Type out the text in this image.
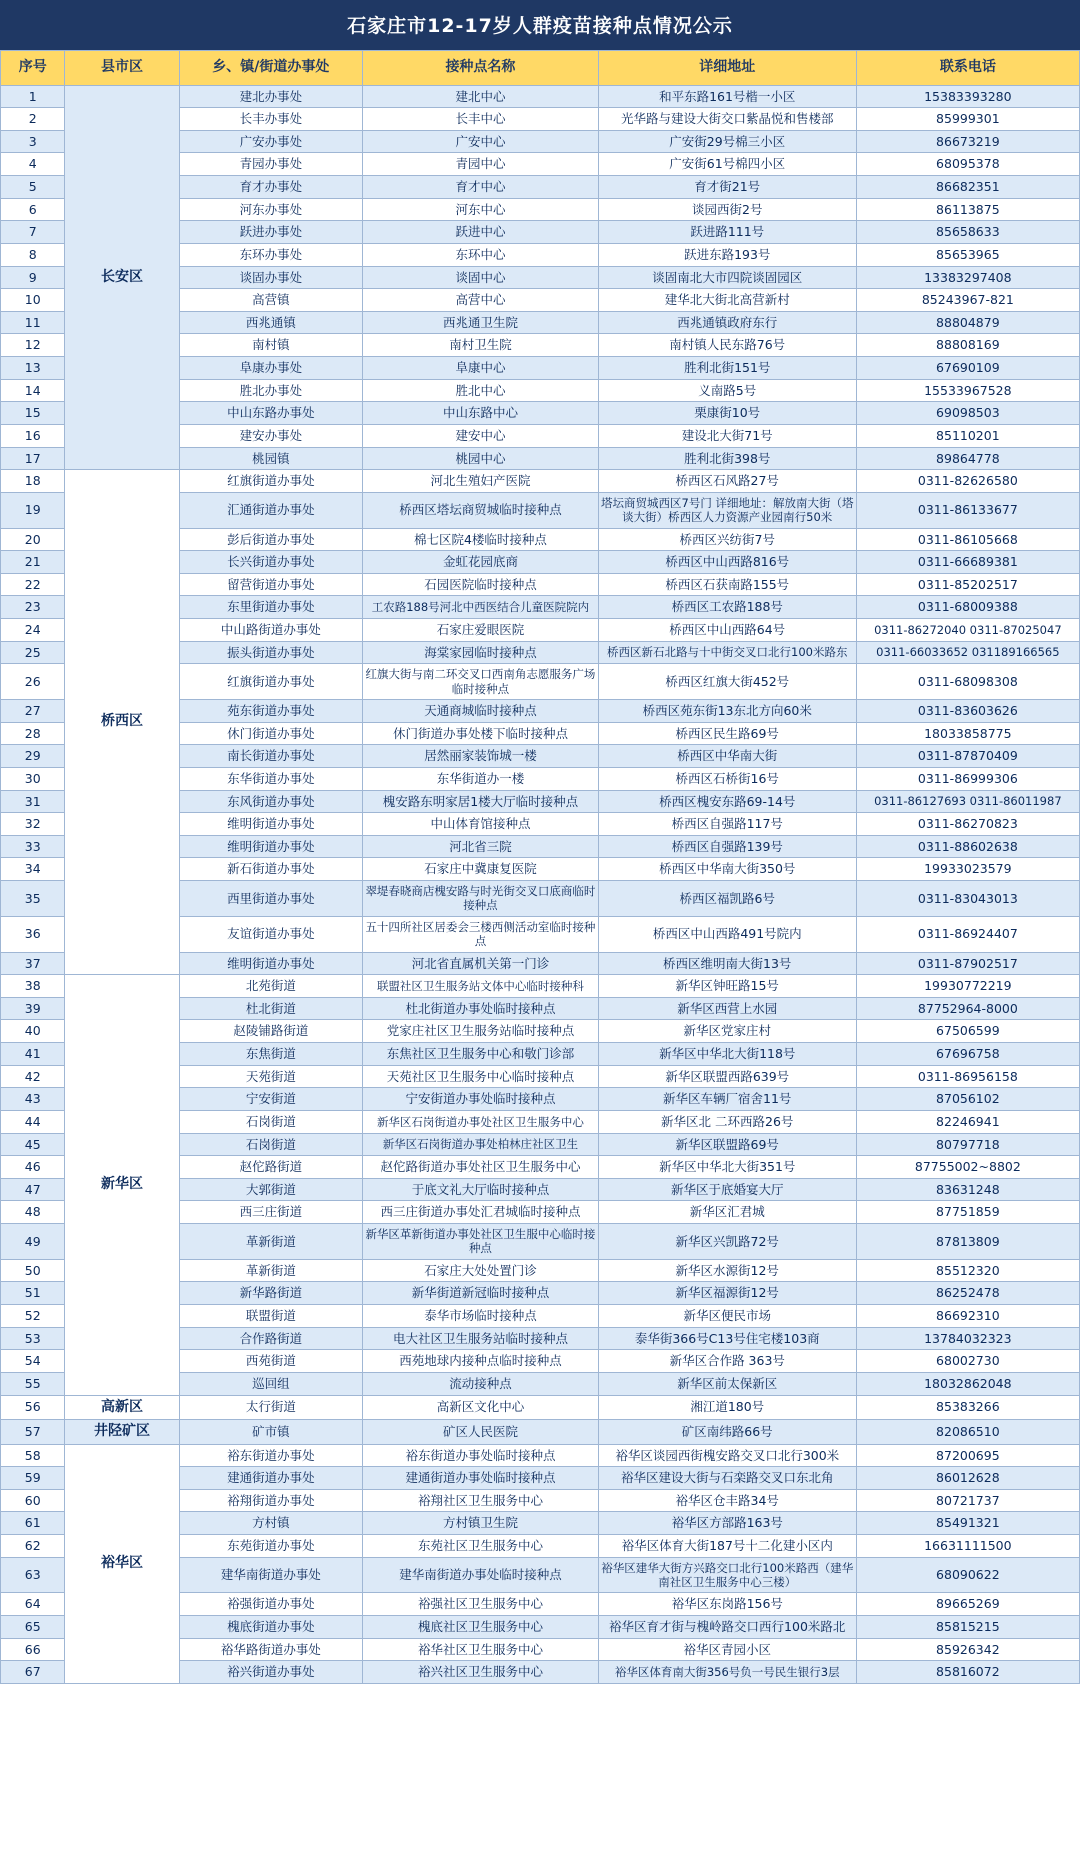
石家庄市12-17岁人群疫苗接种点情况公示
序号	县市区	乡、镇/街道办事处	接种点名称	详细地址	联系电话
1	长安区	建北办事处	建北中心	和平东路161号楷一小区	15383393280
2		长丰办事处	长丰中心	光华路与建设大街交口紫晶悦和售楼部	85999301
3		广安办事处	广安中心	广安街29号棉三小区	86673219
4		青园办事处	青园中心	广安街61号棉四小区	68095378
5		育才办事处	育才中心	育才街21号	86682351
6		河东办事处	河东中心	谈园西街2号	86113875
7		跃进办事处	跃进中心	跃进路111号	85658633
8		东环办事处	东环中心	跃进东路193号	85653965
9		谈固办事处	谈固中心	谈固南北大市四院谈固园区	13383297408
10		高营镇	高营中心	建华北大街北高营新村	85243967-821
11		西兆通镇	西兆通卫生院	西兆通镇政府东行	88804879
12		南村镇	南村卫生院	南村镇人民东路76号	88808169
13		阜康办事处	阜康中心	胜利北街151号	67690109
14		胜北办事处	胜北中心	义南路5号	15533967528
15		中山东路办事处	中山东路中心	栗康街10号	69098503
16		建安办事处	建安中心	建设北大街71号	85110201
17		桃园镇	桃园中心	胜利北街398号	89864778
18	桥西区	红旗街道办事处	河北生殖妇产医院	桥西区石风路27号	0311-82626580
19		汇通街道办事处	桥西区塔坛商贸城临时接种点	塔坛商贸城西区7号门 详细地址：解放南大街（塔谈大街）桥西区人力资源产业园南行50米	0311-86133677
20		彭后街道办事处	棉七区院4楼临时接种点	桥西区兴纺街7号	0311-86105668
21		长兴街道办事处	金虹花园底商	桥西区中山西路816号	0311-66689381
22		留营街道办事处	石园医院临时接种点	桥西区石获南路155号	0311-85202517
23		东里街道办事处	工农路188号河北中西医结合儿童医院院内	桥西区工农路188号	0311-68009388
24		中山路街道办事处	石家庄爱眼医院	桥西区中山西路64号	0311-86272040 0311-87025047
25		振头街道办事处	海棠家园临时接种点	桥西区新石北路与十中街交叉口北行100米路东	0311-66033652 031189166565
26		红旗街道办事处	红旗大街与南二环交叉口西南角志愿服务广场临时接种点	桥西区红旗大街452号	0311-68098308
27		苑东街道办事处	天通商城临时接种点	桥西区苑东街13东北方向60米	0311-83603626
28		休门街道办事处	休门街道办事处楼下临时接种点	桥西区民生路69号	18033858775
29		南长街道办事处	居然丽家装饰城一楼	桥西区中华南大街	0311-87870409
30		东华街道办事处	东华街道办一楼	桥西区石桥街16号	0311-86999306
31		东风街道办事处	槐安路东明家居1楼大厅临时接种点	桥西区槐安东路69-14号	0311-86127693 0311-86011987
32		维明街道办事处	中山体育馆接种点	桥西区自强路117号	0311-86270823
33		维明街道办事处	河北省三院	桥西区自强路139号	0311-88602638
34		新石街道办事处	石家庄中冀康复医院	桥西区中华南大街350号	19933023579
35		西里街道办事处	翠堤春晓商店槐安路与时光街交叉口底商临时接种点	桥西区福凯路6号	0311-83043013
36		友谊街道办事处	五十四所社区居委会三楼西侧活动室临时接种点	桥西区中山西路491号院内	0311-86924407
37		维明街道办事处	河北省直属机关第一门诊	桥西区维明南大街13号	0311-87902517
38	新华区	北苑街道	联盟社区卫生服务站文体中心临时接种科	新华区钟旺路15号	19930772219
39		杜北街道	杜北街道办事处临时接种点	新华区西营上水园	87752964-8000
40		赵陵铺路街道	党家庄社区卫生服务站临时接种点	新华区党家庄村	67506599
41		东焦街道	东焦社区卫生服务中心和敬门诊部	新华区中华北大街118号	67696758
42		天苑街道	天苑社区卫生服务中心临时接种点	新华区联盟西路639号	0311-86956158
43		宁安街道	宁安街道办事处临时接种点	新华区车辆厂宿舍11号	87056102
44		石岗街道	新华区石岗街道办事处社区卫生服务中心	新华区北 二环西路26号	82246941
45		石岗街道	新华区石岗街道办事处柏林庄社区卫生	新华区联盟路69号	80797718
46		赵佗路街道	赵佗路街道办事处社区卫生服务中心	新华区中华北大街351号	87755002~8802
47		大郭街道	于底文礼大厅临时接种点	新华区于底婚宴大厅	83631248
48		西三庄街道	西三庄街道办事处汇君城临时接种点	新华区汇君城	87751859
49		革新街道	新华区革新街道办事处社区卫生服中心临时接种点	新华区兴凯路72号	87813809
50		革新街道	石家庄大处处置门诊	新华区水源街12号	85512320
51		新华路街道	新华街道新冠临时接种点	新华区福源街12号	86252478
52		联盟街道	泰华市场临时接种点	新华区便民市场	86692310
53		合作路街道	电大社区卫生服务站临时接种点	泰华街366号C13号住宅楼103商	13784032323
54		西苑街道	西苑地球内接种点临时接种点	新华区合作路 363号	68002730
55		巡回组	流动接种点	新华区前太保新区	18032862048
56	高新区	太行街道	高新区文化中心	湘江道180号	85383266
57	井陉矿区	矿市镇	矿区人民医院	矿区南纬路66号	82086510
58	裕华区	裕东街道办事处	裕东街道办事处临时接种点	裕华区谈园西街槐安路交叉口北行300米	87200695
59		建通街道办事处	建通街道办事处临时接种点	裕华区建设大街与石栾路交叉口东北角	86012628
60		裕翔街道办事处	裕翔社区卫生服务中心	裕华区仓丰路34号	80721737
61		方村镇	方村镇卫生院	裕华区方部路163号	85491321
62		东苑街道办事处	东苑社区卫生服务中心	裕华区体育大街187号十二化建小区内	16631111500
63		建华南街道办事处	建华南街道办事处临时接种点	裕华区建华大街方兴路交口北行100米路西（建华南社区卫生服务中心三楼）	68090622
64		裕强街道办事处	裕强社区卫生服务中心	裕华区东岗路156号	89665269
65		槐底街道办事处	槐底社区卫生服务中心	裕华区育才街与槐岭路交口西行100米路北	85815215
66		裕华路街道办事处	裕华社区卫生服务中心	裕华区青园小区	85926342
67		裕兴街道办事处	裕兴社区卫生服务中心	裕华区体育南大街356号负一号民生银行3层	85816072
